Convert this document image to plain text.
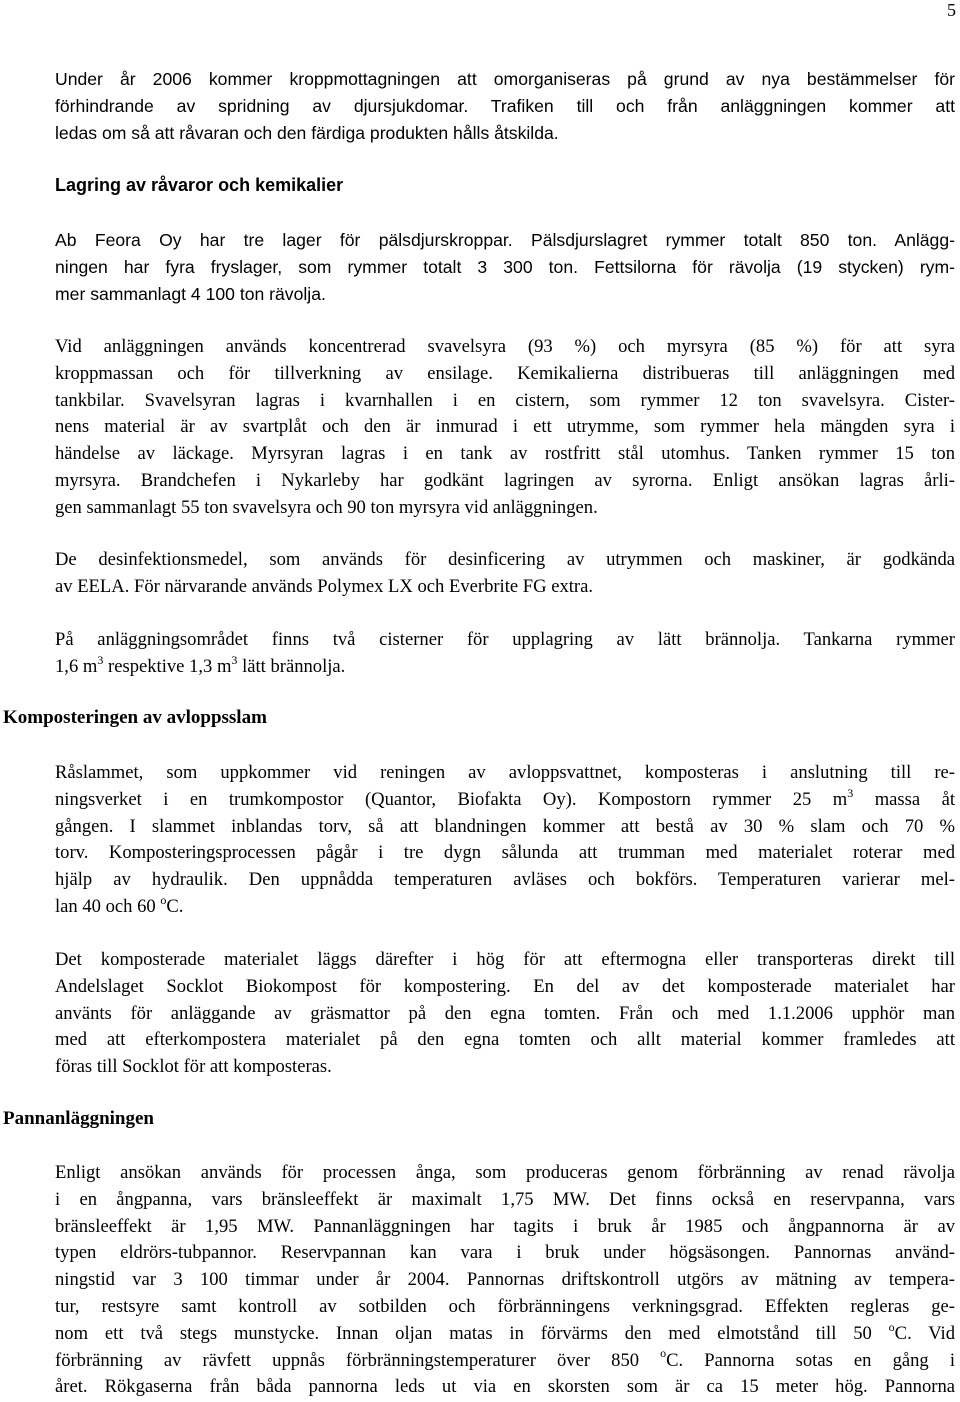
5
Under år 2006 kommer kroppmottagningen att omorganiseras på grund av nya bestämmelser för
förhindrande av spridning av djursjukdomar. Trafiken till och från anläggningen kommer att
ledas om så att råvaran och den färdiga produkten hålls åtskilda.
Lagring av råvaror och kemikalier
Ab Feora Oy har tre lager för pälsdjurskroppar. Pälsdjurslagret rymmer totalt 850 ton. Anlägg-
ningen har fyra fryslager, som rymmer totalt 3 300 ton. Fettsilorna för rävolja (19 stycken) rym-
mer sammanlagt 4 100 ton rävolja.
Vid anläggningen används koncentrerad svavelsyra (93 %) och myrsyra (85 %) för att syra
kroppmassan och för tillverkning av ensilage. Kemikalierna distribueras till anläggningen med
tankbilar. Svavelsyran lagras i kvarnhallen i en cistern, som rymmer 12 ton svavelsyra. Cister-
nens material är av svartplåt och den är inmurad i ett utrymme, som rymmer hela mängden syra i
händelse av läckage. Myrsyran lagras i en tank av rostfritt stål utomhus. Tanken rymmer 15 ton
myrsyra. Brandchefen i Nykarleby har godkänt lagringen av syrorna. Enligt ansökan lagras årli-
gen sammanlagt 55 ton svavelsyra och 90 ton myrsyra vid anläggningen.
De desinfektionsmedel, som används för desinficering av utrymmen och maskiner, är godkända
av EELA. För närvarande används Polymex LX och Everbrite FG extra.
På anläggningsområdet finns två cisterner för upplagring av lätt brännolja. Tankarna rymmer
1,6 $m^3$ respektive 1,3 $m^3$ lätt brännolja.
Komposteringen av avloppsslam
Råslammet, som uppkommer vid reningen av avloppsvattnet, komposteras i anslutning till re-
ningsverket i en trumkompostor (Quantor, Biofakta Oy). Kompostorn rymmer 25 $m^3$ massa åt
gången. I slammet inblandas torv, så att blandningen kommer att bestå av 30 % slam och 70 %
torv. Komposteringsprocessen pågår i tre dygn sålunda att trumman med materialet roterar med
hjälp av hydraulik. Den uppnådda temperaturen avläses och bokförs. Temperaturen varierar mel-
lan 40 och 60 $^o$C.
Det komposterade materialet läggs därefter i hög för att eftermogna eller transporteras direkt till
Andelslaget Socklot Biokompost för kompostering. En del av det komposterade materialet har
använts för anläggande av gräsmattor på den egna tomten. Från och med 1.1.2006 upphör man
med att efterkompostera materialet på den egna tomten och allt material kommer framledes att
föras till Socklot för att komposteras.
Pannanläggningen
Enligt ansökan används för processen ånga, som produceras genom förbränning av renad rävolja
i en ångpanna, vars bränsleeffekt är maximalt 1,75 MW. Det finns också en reservpanna, vars
bränsleeffekt är 1,95 MW. Pannanläggningen har tagits i bruk år 1985 och ångpannorna är av
typen eldrörs-tubpannor. Reservpannan kan vara i bruk under högsäsongen. Pannornas använd-
ningstid var 3 100 timmar under år 2004. Pannornas driftskontroll utgörs av mätning av tempera-
tur, restsyre samt kontroll av sotbilden och förbränningens verkningsgrad. Effekten regleras ge-
nom ett två stegs munstycke. Innan oljan matas in förvärms den med elmotstånd till 50 $^o$C. Vid
förbränning av rävfett uppnås förbränningstemperaturer över 850 $^o$C. Pannorna sotas en gång i
året. Rökgaserna från båda pannorna leds ut via en skorsten som är ca 15 meter hög. Pannorna
